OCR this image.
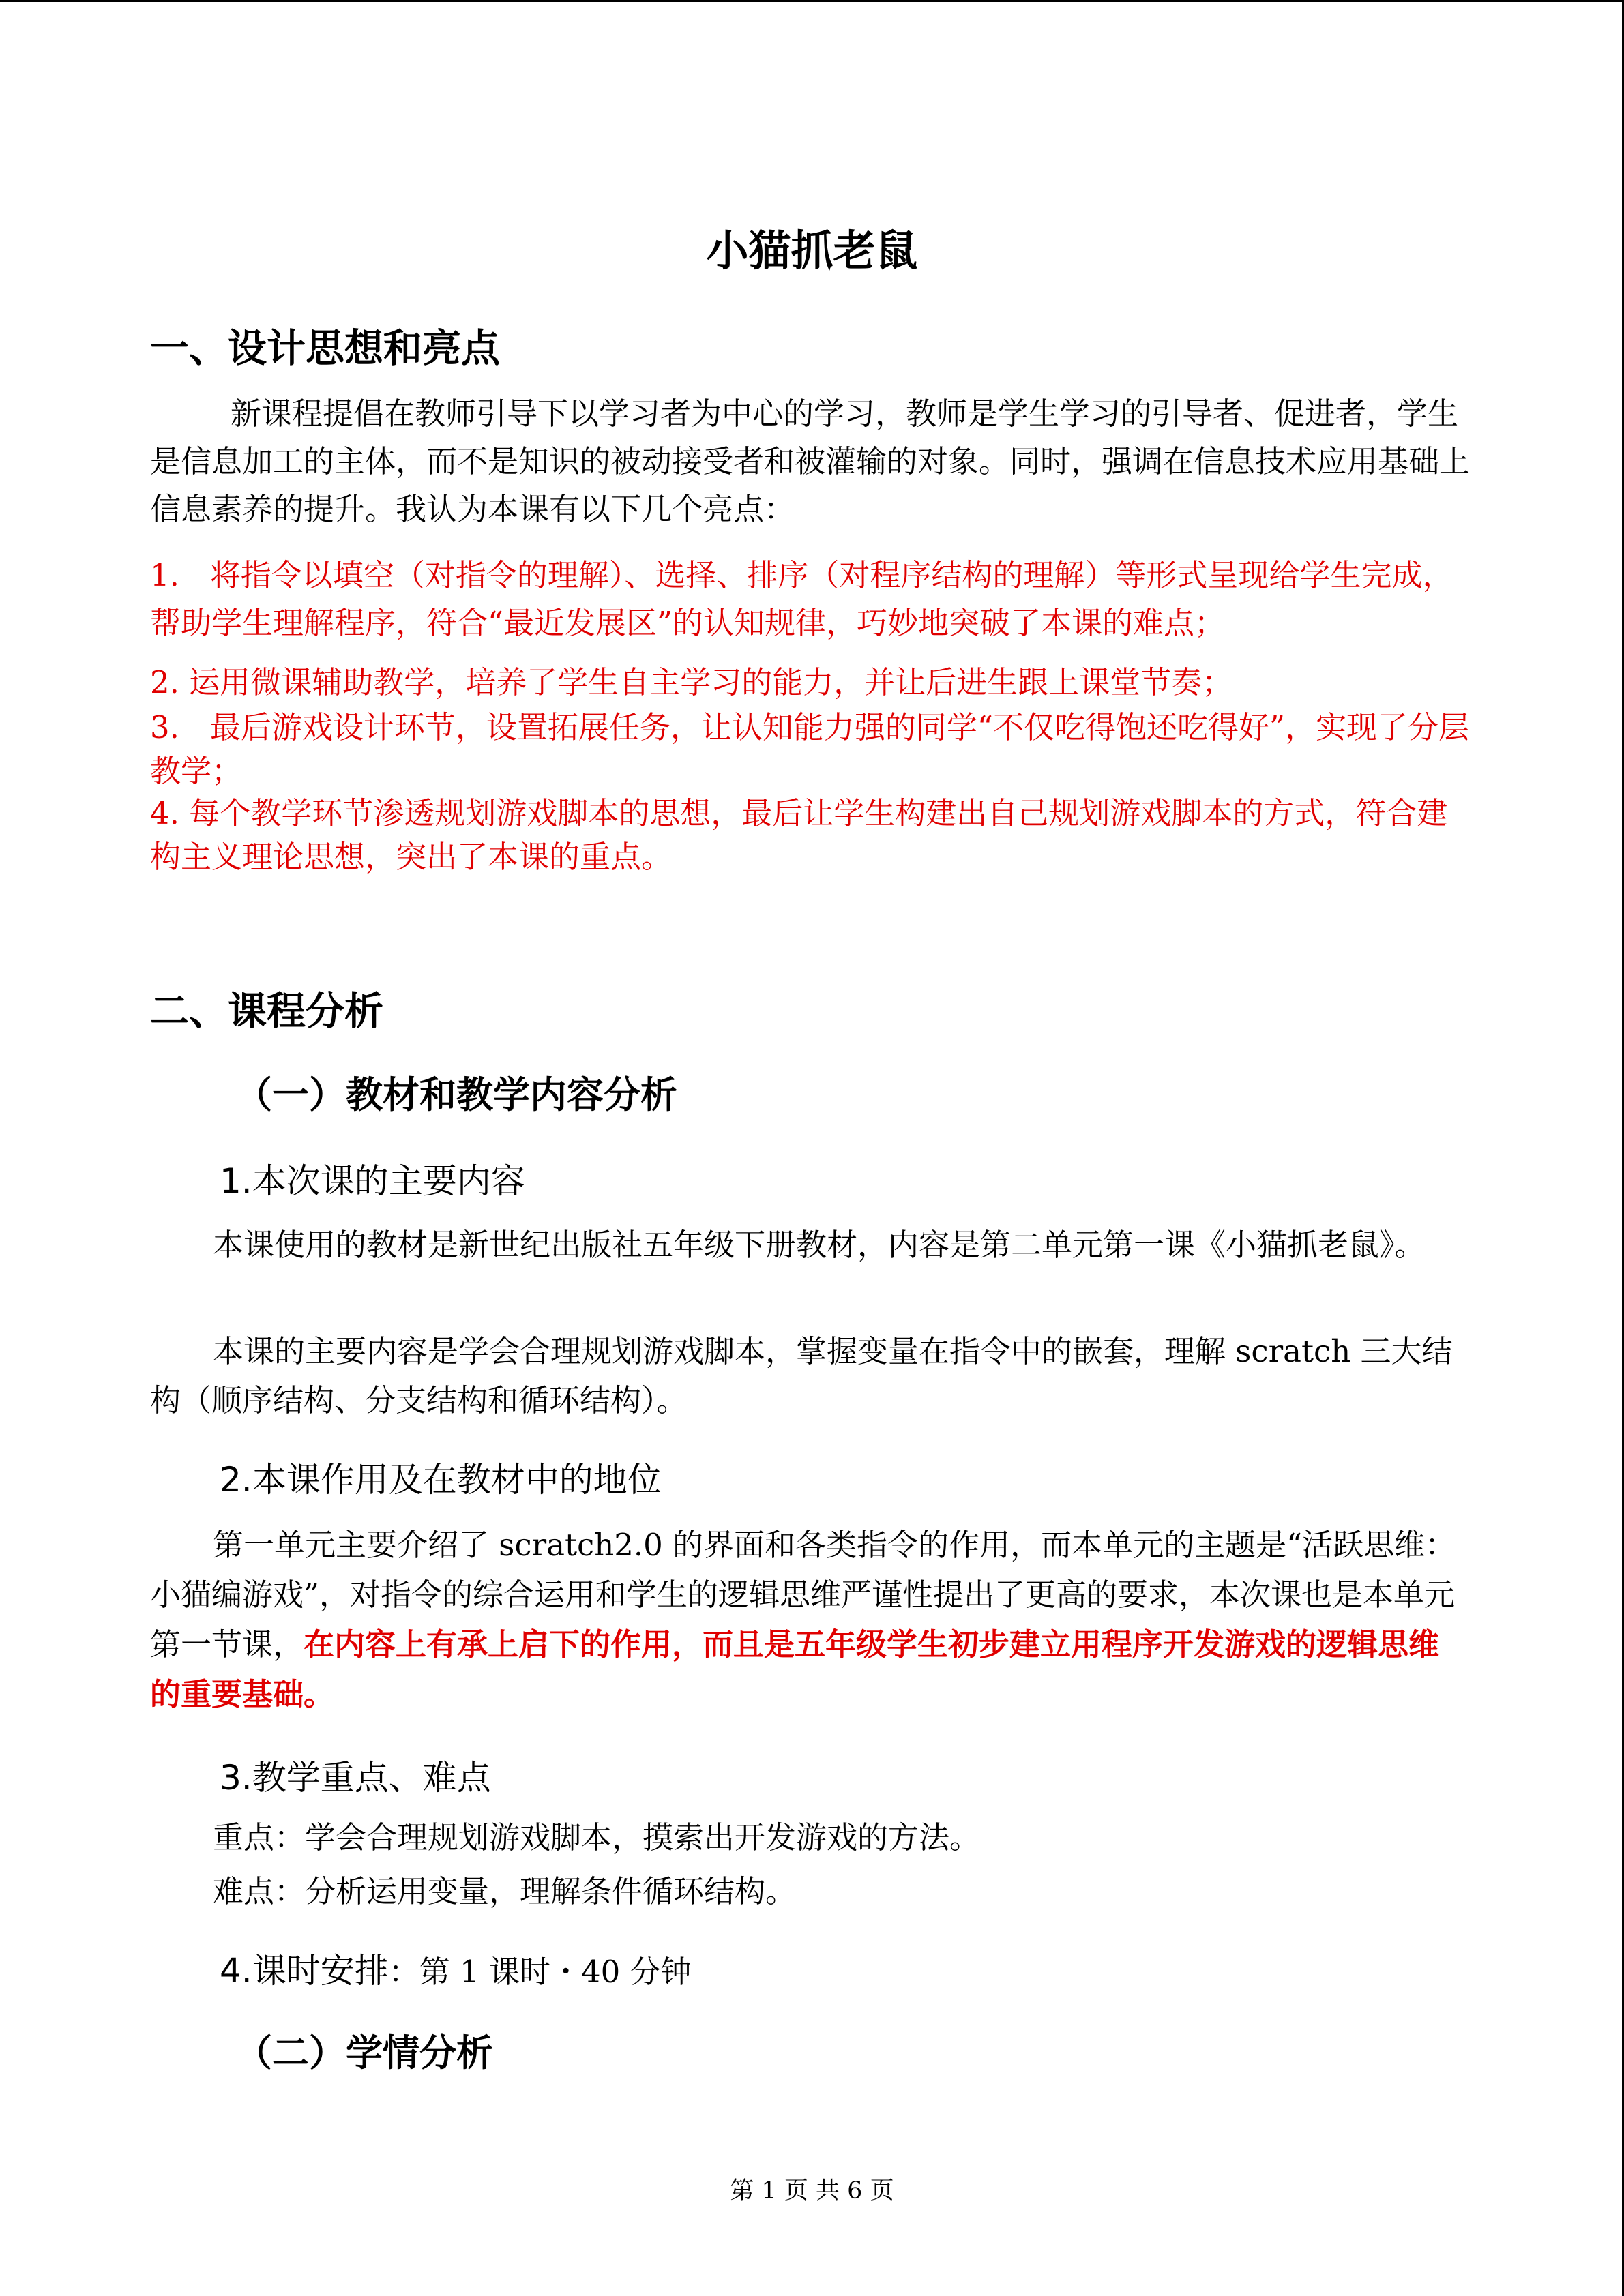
小猫抓老鼠
一、设计思想和亮点
新课程提倡在教师引导下以学习者为中心的学习，教师是学生学习的引导者、促进者，学生是信息加工的主体，而不是知识的被动接受者和被灌输的对象。同时，强调在信息技术应用基础上信息素养的提升。我认为本课有以下几个亮点：
1.　将指令以填空（对指令的理解）、选择、排序（对程序结构的理解）等形式呈现给学生完成，帮助学生理解程序，符合“最近发展区”的认知规律，巧妙地突破了本课的难点；
2. 运用微课辅助教学，培养了学生自主学习的能力，并让后进生跟上课堂节奏；
3.　最后游戏设计环节，设置拓展任务，让认知能力强的同学“不仅吃得饱还吃得好”，实现了分层教学；
4. 每个教学环节渗透规划游戏脚本的思想，最后让学生构建出自己规划游戏脚本的方式，符合建构主义理论思想，突出了本课的重点。
二、课程分析
（一）教材和教学内容分析
1.本次课的主要内容
本课使用的教材是新世纪出版社五年级下册教材，内容是第二单元第一课《小猫抓老鼠》。
本课的主要内容是学会合理规划游戏脚本，掌握变量在指令中的嵌套，理解 scratch 三大结构（顺序结构、分支结构和循环结构）。
2.本课作用及在教材中的地位
第一单元主要介绍了 scratch2.0 的界面和各类指令的作用，而本单元的主题是“活跃思维：小猫编游戏”，对指令的综合运用和学生的逻辑思维严谨性提出了更高的要求，本次课也是本单元第一节课，在内容上有承上启下的作用，而且是五年级学生初步建立用程序开发游戏的逻辑思维的重要基础。
3.教学重点、难点
重点：学会合理规划游戏脚本，摸索出开发游戏的方法。
难点：分析运用变量，理解条件循环结构。
4.课时安排：第 1 课时・40 分钟
（二）学情分析
第 1 页 共 6 页
